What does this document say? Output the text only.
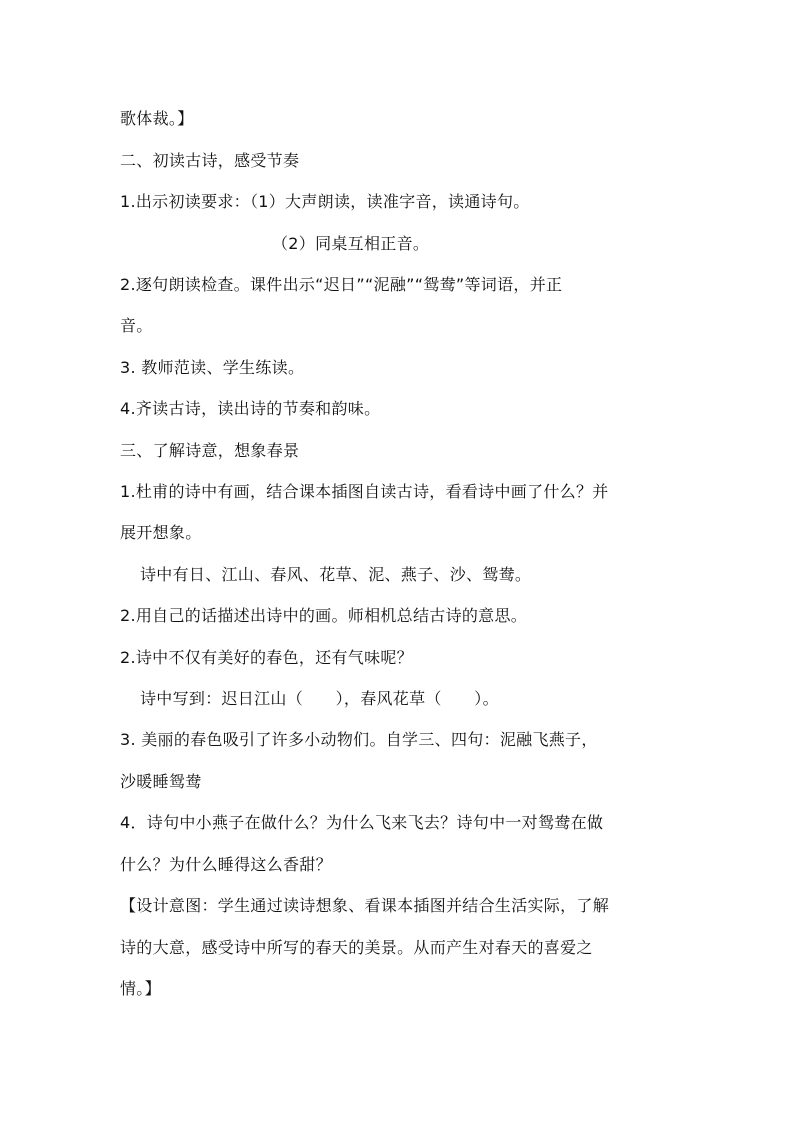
歌体裁。】
二、初读古诗，感受节奏
1.出示初读要求：（1）大声朗读，读准字音，读通诗句。
（2）同桌互相正音。
2.逐句朗读检查。课件出示“迟日”“泥融”“鸳鸯”等词语，并正
音。
3. 教师范读、学生练读。
4.齐读古诗，读出诗的节奏和韵味。
三、了解诗意，想象春景
1.杜甫的诗中有画，结合课本插图自读古诗，看看诗中画了什么？并
展开想象。
诗中有日、江山、春风、花草、泥、燕子、沙、鸳鸯。
2.用自己的话描述出诗中的画。师相机总结古诗的意思。
2.诗中不仅有美好的春色，还有气味呢？
诗中写到：迟日江山（　　），春风花草（　　）。
3. 美丽的春色吸引了许多小动物们。自学三、四句：泥融飞燕子，
沙暖睡鸳鸯
4．诗句中小燕子在做什么？为什么飞来飞去？诗句中一对鸳鸯在做
什么？为什么睡得这么香甜？
【设计意图：学生通过读诗想象、看课本插图并结合生活实际，了解
诗的大意，感受诗中所写的春天的美景。从而产生对春天的喜爱之
情。】
